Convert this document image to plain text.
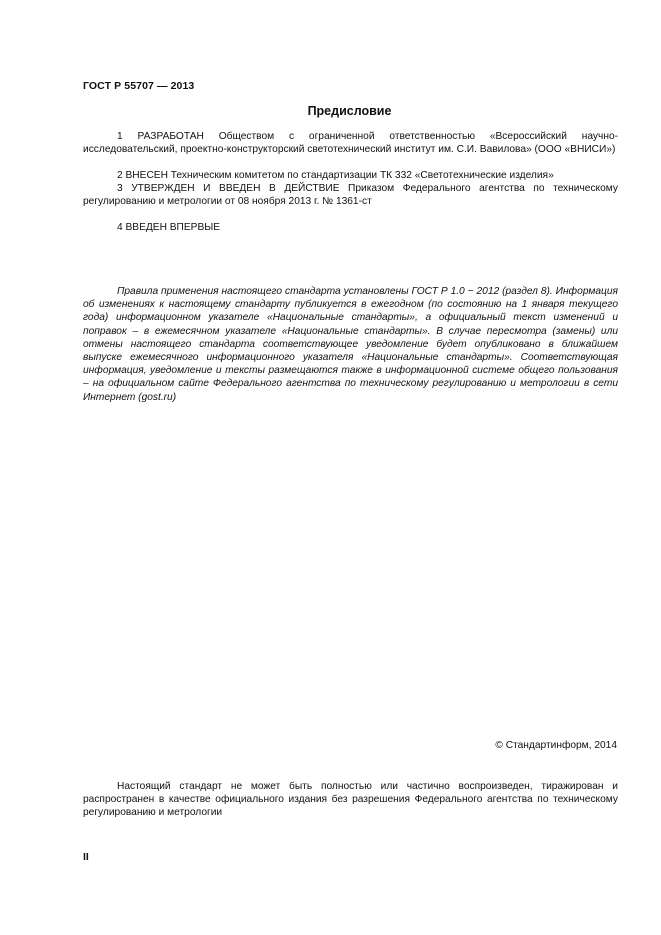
ГОСТ Р 55707 — 2013
Предисловие
1 РАЗРАБОТАН Обществом с ограниченной ответственностью «Всероссийский научно-исследовательский, проектно-конструкторский светотехнический институт им. С.И. Вавилова» (ООО «ВНИСИ»)
2 ВНЕСЕН Техническим комитетом по стандартизации ТК 332 «Светотехнические изделия»
3 УТВЕРЖДЕН И ВВЕДЕН В ДЕЙСТВИЕ Приказом Федерального агентства по техническому регулированию и метрологии от 08 ноября 2013 г. № 1361-ст
4 ВВЕДЕН ВПЕРВЫЕ
Правила применения настоящего стандарта установлены ГОСТ Р 1.0 − 2012 (раздел 8). Информация об изменениях к настоящему стандарту публикуется в ежегодном (по состоянию на 1 января текущего года) информационном указателе «Национальные стандарты», а официальный текст изменений и поправок – в ежемесячном указателе «Национальные стандарты». В случае пересмотра (замены) или отмены настоящего стандарта соответствующее уведомление будет опубликовано в ближайшем выпуске ежемесячного информационного указателя «Национальные стандарты». Соответствующая информация, уведомление и тексты размещаются также в информационной системе общего пользования – на официальном сайте Федерального агентства по техническому регулированию и метрологии в сети Интернет (gost.ru)
© Стандартинформ, 2014
Настоящий стандарт не может быть полностью или частично воспроизведен, тиражирован и распространен в качестве официального издания без разрешения Федерального агентства по техническому регулированию и метрологии
II
